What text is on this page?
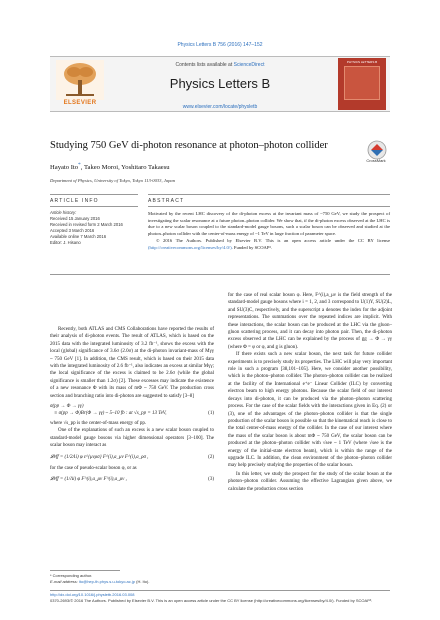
Physics Letters B 756 (2016) 147–152
ELSEVIER
Contents lists available at ScienceDirect
Physics Letters B
www.elsevier.com/locate/physletb
PHYSICS LETTERS B
Studying 750 GeV di-photon resonance at photon–photon collider
CrossMark
Hayato Ito*, Takeo Moroi, Yoshitaro Takaesu
Department of Physics, University of Tokyo, Tokyo 113-0033, Japan
ARTICLE INFO	ABSTRACT
Article history:
Received 15 January 2016
Received in revised form 2 March 2016
Accepted 3 March 2016
Available online 7 March 2016
Editor: J. Hisano
Motivated by the recent LHC discovery of the di-photon excess at the invariant mass of ~750 GeV, we study the prospect of investigating the scalar resonance at a future photon–photon collider. We show that, if the di-photon excess observed at the LHC is due to a new scalar boson coupled to the standard-model gauge bosons, such a scalar boson can be observed and studied at the photon–photon collider with the center-of-mass energy of ~1 TeV in large fraction of parameter space.
© 2016 The Authors. Published by Elsevier B.V. This is an open access article under the CC BY license (http://creativecommons.org/licenses/by/4.0/). Funded by SCOAP³.

Recently, both ATLAS and CMS Collaborations have reported the results of their analysis of di-photon events. The result of ATLAS, which is based on the 2015 data with the integrated luminosity of 3.2 fb⁻¹, shows the excess with the local (global) significance of 3.6σ (2.0σ) at the di-photon invariant-mass of Mγγ ~ 750 GeV [1]. In addition, the CMS result, which is based on their 2015 data with the integrated luminosity of 2.6 fb⁻¹, also indicates an excess at similar Mγγ; the local significance of the excess is claimed to be 2.6σ (while the global significance is smaller than 1.2σ) [2]. These excesses may indicate the existence of a new resonance Φ with its mass of mΦ ~ 750 GeV. The production cross section and branching ratio into di-photon are suggested to satisfy [3–8]

σ(pp → Φ → γγ)
≡ σ(pp → Φ)Br(Φ → γγ) ~ 5–10 fb : at √s_pp = 13 TeV,	(1)
where √s_pp is the center-of-mass energy of pp.

One of the explanations of such an excess is a new scalar boson coupled to standard-model gauge bosons via higher dimensional operators [3–100]. The scalar boson may interact as

𝓛eff = (1/2Λi) φ ε^{μνρσ} F^(i),a_μν F^(i),a_ρσ ,	(2)
for the case of pseudo-scalar boson φ, or as
𝓛eff = (1/Λi) φ F^(i),a_μν F^(i),a_μν ,	(3)
for the case of real scalar boson φ. Here, F^(i),a_μν is the field strength of the standard-model gauge bosons where i = 1, 2, and 3 correspond to U(1)Y, SU(2)L, and SU(3)C, respectively, and the superscript a denotes the index for the adjoint representations. The summations over the repeated indices are implicit. With these interactions, the scalar boson can be produced at the LHC via the gluon–gluon scattering process, and it can decay into photon pair. Then, the di-photon excess observed at the LHC can be explained by the process of gg → Φ → γγ (where Φ = φ or φ, and g is gluon).

If there exists such a new scalar boson, the next task for future collider experiments is to precisely study its properties. The LHC will play very important role in such a program [38,101–105]. Here, we consider another possibility, which is the photon–photon collider. The photon–photon collider can be realized at the facility of the International e⁺e⁻ Linear Collider (ILC) by converting electron beam to high energy photons. Because the scalar field of our interest decays into di-photon, it can be produced via the photon–photon scattering process. For the case of the scalar fields with the interactions given in Eq. (2) or (3), one of the advantages of the photon–photon collider is that the single production of the scalar boson is possible so that the kinematical reach is close to the total center-of-mass energy of the collider. In the case of our interest where the mass of the scalar boson is about mΦ ~ 750 GeV, the scalar boson can be produced at the photon–photon collider with √see ~ 1 TeV (where √see is the energy of the initial-state electron beam), which is within the range of the upgrade ILC. In addition, the clean environment of the photon–photon collider may help precisely studying the properties of the scalar boson.

In this letter, we study the prospect for the study of the scalar boson at the photon–photon collider. Assuming the effective Lagrangian given above, we calculate the production cross section

* Corresponding author.
E-mail address: ito@hep-th.phys.s.u-tokyo.ac.jp (H. Ito).
http://dx.doi.org/10.1016/j.physletb.2016.03.008
0370-2693/© 2016 The Authors. Published by Elsevier B.V. This is an open access article under the CC BY license (http://creativecommons.org/licenses/by/4.0/). Funded by SCOAP³.
